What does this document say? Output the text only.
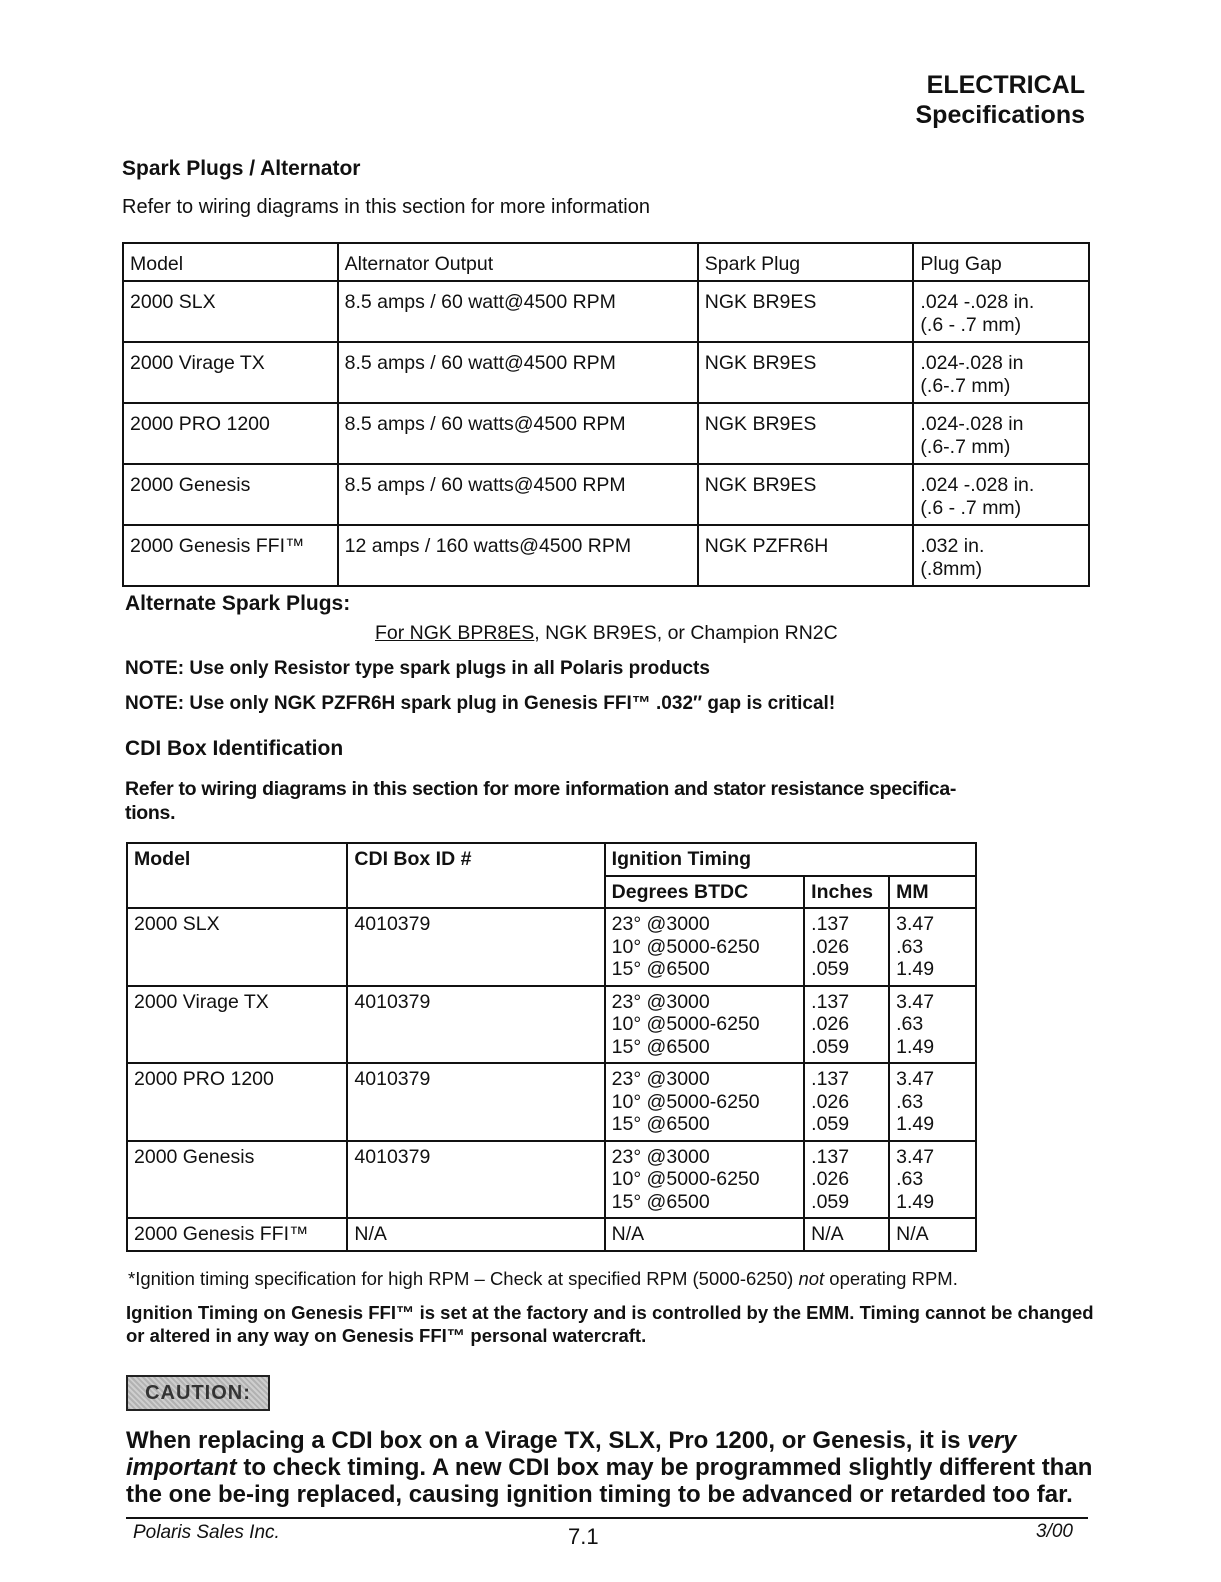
ELECTRICAL
Specifications
Spark Plugs / Alternator
Refer to wiring diagrams in this section for more information
Model	Alternator Output	Spark Plug	Plug Gap
2000 SLX	8.5 amps / 60 watt@4500 RPM	NGK BR9ES	.024 -.028 in.
(.6 - .7 mm)
2000 Virage TX	8.5 amps / 60 watt@4500 RPM	NGK BR9ES	.024-.028 in
(.6-.7 mm)
2000 PRO 1200	8.5 amps / 60 watts@4500 RPM	NGK BR9ES	.024-.028 in
(.6-.7 mm)
2000 Genesis	8.5 amps / 60 watts@4500 RPM	NGK BR9ES	.024 -.028 in.
(.6 - .7 mm)
2000 Genesis FFI™	12 amps / 160 watts@4500 RPM	NGK PZFR6H	.032 in.
(.8mm)
Alternate Spark Plugs:
For NGK BPR8ES, NGK BR9ES, or Champion RN2C
NOTE: Use only Resistor type spark plugs in all Polaris products
NOTE: Use only NGK PZFR6H spark plug in Genesis FFI™ .032″ gap is critical!
CDI Box Identification
Refer to wiring diagrams in this section for more information and stator resistance specifica-
tions.
Model	CDI Box ID #	Ignition Timing		
		Degrees BTDC	Inches	MM
2000 SLX	4010379	23° @3000
10° @5000-6250
15° @6500	.137
.026
.059	3.47
.63
1.49
2000 Virage TX	4010379	23° @3000
10° @5000-6250
15° @6500	.137
.026
.059	3.47
.63
1.49
2000 PRO 1200	4010379	23° @3000
10° @5000-6250
15° @6500	.137
.026
.059	3.47
.63
1.49
2000 Genesis	4010379	23° @3000
10° @5000-6250
15° @6500	.137
.026
.059	3.47
.63
1.49
2000 Genesis FFI™	N/A	N/A	N/A	N/A
*Ignition timing specification for high RPM – Check at specified RPM (5000-6250) not operating RPM.
Ignition Timing on Genesis FFI™ is set at the factory and is controlled by the EMM. Timing cannot be changed or altered in any way on Genesis FFI™ personal watercraft.
CAUTION:
When replacing a CDI box on a Virage TX, SLX, Pro 1200, or Genesis, it is very important to check timing. A new CDI box may be programmed slightly different than the one be-ing replaced, causing ignition timing to be advanced or retarded too far.
Polaris Sales Inc.	7.1	3/00
